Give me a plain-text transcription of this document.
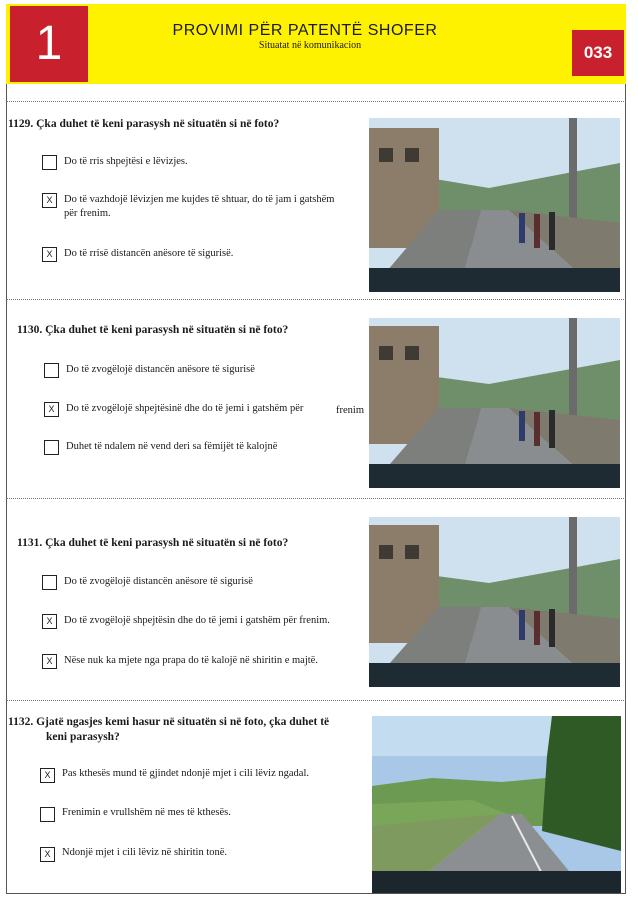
1	PROVIMI PËR PATENTË SHOFER
Situatat në komunikacion	033
1129. Çka duhet të keni parasysh në situatën si në foto?
Do të rris shpejtësi e lëvizjes.
X	Do të vazhdojë lëvizjen me kujdes të shtuar, do të jam i gatshëm
për frenim.
X	Do të rrisë distancën anësore të sigurisë.
1130. Çka duhet të keni parasysh në situatën si në foto?
Do të zvogëlojë distancën anësore të sigurisë
X	Do të zvogëlojë shpejtësinë dhe do të jemi i gatshëm për	frenim
Duhet të ndalem në vend deri sa fëmijët të kalojnë
1131. Çka duhet të keni parasysh në situatën si në foto?
Do të zvogëlojë distancën anësore të sigurisë
X	Do të zvogëlojë shpejtësin dhe do të jemi i gatshëm për frenim.
X	Nëse nuk ka mjete nga prapa do të kalojë në shiritin e majtë.
1132. Gjatë ngasjes kemi hasur në situatën si në foto, çka duhet të
keni parasysh?
X	Pas kthesës mund të gjindet ndonjë mjet i cili lëviz ngadal.
Frenimin e vrullshëm në mes të kthesës.
X	Ndonjë mjet i cili lëviz në shiritin tonë.
